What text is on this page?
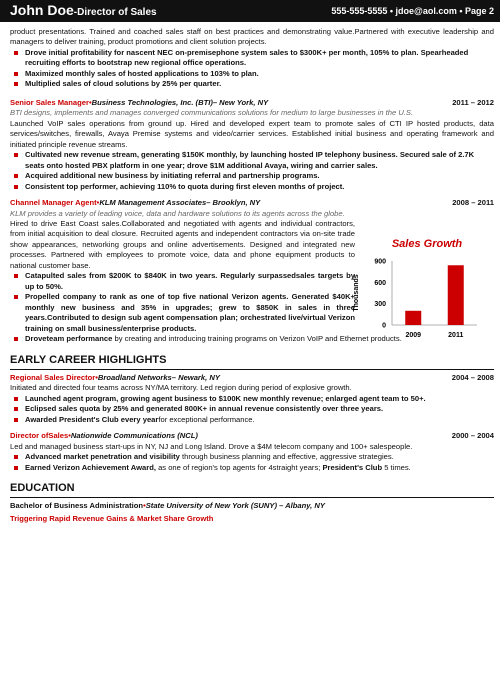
John Doe-Director of Sales	555-555-5555 • jdoe@aol.com • Page 2

product presentations. Trained and coached sales staff on best practices and demonstrating value.Partnered with executive leadership and managers to deliver training, product promotions and client solution projects.

Drove initial profitability for nascent NEC on-premisephone system sales to $300K+ per month, 105% to plan. Spearheaded recruiting efforts to bootstrap new regional office operations.

Maximized monthly sales of hosted applications to 103% to plan.

Multiplied sales of cloud solutions by 25% per quarter.

Senior Sales Manager•Business Technologies, Inc. (BTI)– New York, NY	2011 – 2012

BTI designs, implements and manages converged communications solutions for medium to large businesses in the U.S.

Launched VoIP sales operations from ground up. Hired and developed expert team to promote sales of CTI IP hosted products, data services/switches, firewalls, Avaya Premise systems and video/carrier services. Established initial business and operating framework and initiated principle revenue streams.

Cultivated new revenue stream, generating $150K monthly, by launching hosted IP telephony business. Secured sale of 2.7K seats onto hosted PBX platform in one year; drove $1M additional Avaya, wiring and carrier sales.

Acquired additional new business by initiating referral and partnership programs.

Consistent top performer, achieving 110% to quota during first eleven months of project.

Channel Manager Agent•KLM Management Associates– Brooklyn, NY	2008 – 2011

KLM provides a variety of leading voice, data and hardware solutions to its agents across the globe.

Hired to drive East Coast sales.Collaborated and negotiated with agents and individual contractors, from initial acquisition to deal closure. Recruited agents and independent contractors via on-site trade show appearances, networking groups and online advertisements. Designed and integrated new processes. Partnered with employees to promote voice, data and phone equipment products to national customer base.

Catapulted sales from $200K to $840K in two years. Regularly surpassedsales targets by up to 50%.

Propelled company to rank as one of top five national Verizon agents. Generated $40K+ monthly new business and 35% in upgrades; grew to $850K in sales in three years.Contributed to design sub agent compensation plan; orchestrated live/virtual Verizon training on small business/enterprise products.

Sales Growth
Thousands
0
300
600
900
2009	2011

Droveteam performance by creating and introducing training programs on Verizon VoIP and Ethernet products.

EARLY CAREER HIGHLIGHTS
Regional Sales Director•Broadland Networks– Newark, NY	2004 – 2008

Initiated and directed four teams across NY/MA territory. Led region during period of explosive growth.

Launched agent program, growing agent business to $100K new monthly revenue; enlarged agent team to 50+.

Eclipsed sales quota by 25% and generated 800K+ in annual revenue consistently over three years.

Awarded President's Club every yearfor exceptional performance.

Director ofSales•Nationwide Communications (NCL)	2000 – 2004

Led and managed business start-ups in NY, NJ and Long Island. Drove a $4M telecom company and 100+ salespeople.

Advanced market penetration and visibility through business planning and effective, aggressive strategies.

Earned Verizon Achievement Award, as one of region's top agents for 4straight years; President's Club 5 times.

EDUCATION

Bachelor of Business Administration•State University of New York (SUNY) – Albany, NY

Triggering Rapid Revenue Gains & Market Share Growth
